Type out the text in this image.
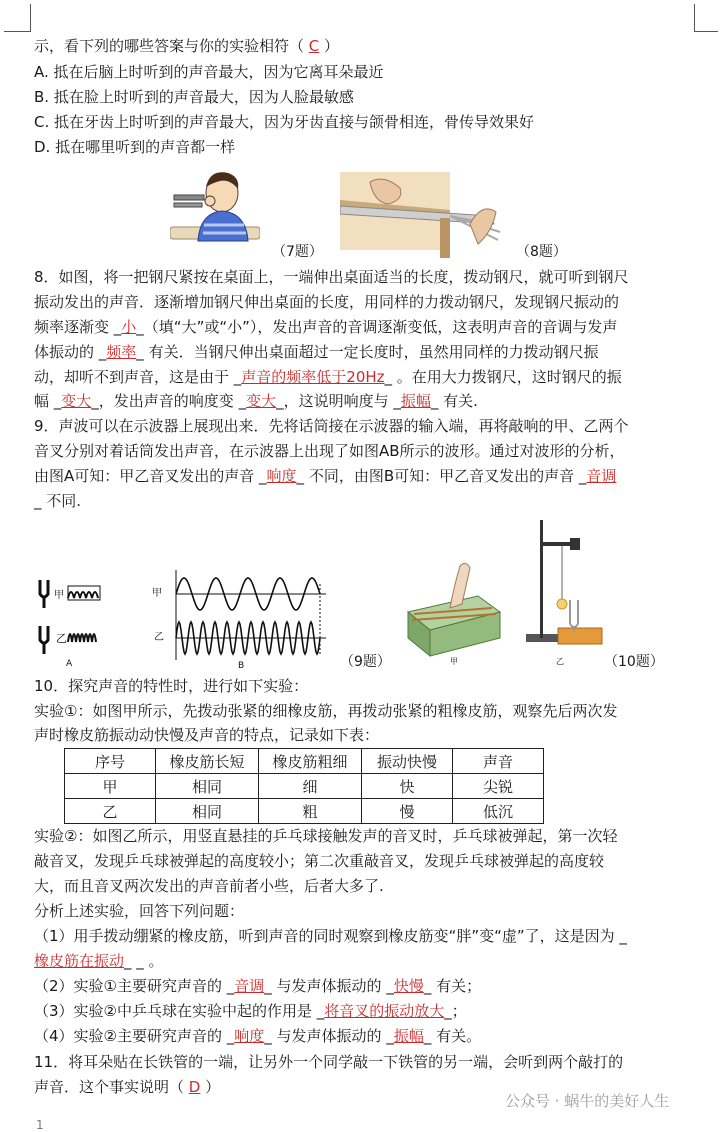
示，看下列的哪些答案与你的实验相符（ C ）
A. 抵在后脑上时听到的声音最大，因为它离耳朵最近
B. 抵在脸上时听到的声音最大，因为人脸最敏感
C. 抵在牙齿上时听到的声音最大，因为牙齿直接与颌骨相连，骨传导效果好
D. 抵在哪里听到的声音都一样
（7题）	（8题）
8．如图，将一把钢尺紧按在桌面上，一端伸出桌面适当的长度，拨动钢尺，就可听到钢尺
振动发出的声音．逐渐增加钢尺伸出桌面的长度，用同样的力拨动钢尺，发现钢尺振动的
频率逐渐变 _小_（填“大”或“小”），发出声音的音调逐渐变低，这表明声音的音调与发声
体振动的 _频率_ 有关．当钢尺伸出桌面超过一定长度时，虽然用同样的力拨动钢尺振
动，却听不到声音，这是由于 _声音的频率低于20Hz_ 。在用大力拨钢尺，这时钢尺的振
幅 _变大_，发出声音的响度变 _变大_，这说明响度与 _振幅_ 有关.
9．声波可以在示波器上展现出来．先将话筒接在示波器的输入端，再将敲响的甲、乙两个
音叉分别对着话筒发出声音，在示波器上出现了如图AB所示的波形。通过对波形的分析，
由图A可知：甲乙音叉发出的声音 _响度_ 不同，由图B可知：甲乙音叉发出的声音 _音调
_ 不同.
甲
乙
A
甲
乙
B	（9题）	甲	乙	（10题）
10．探究声音的特性时，进行如下实验：
实验①：如图甲所示，先拨动张紧的细橡皮筋，再拨动张紧的粗橡皮筋，观察先后两次发
声时橡皮筋振动动快慢及声音的特点，记录如下表：
序号	橡皮筋长短	橡皮筋粗细	振动快慢	声音
甲	相同	细	快	尖锐
乙	相同	粗	慢	低沉
实验②：如图乙所示，用竖直悬挂的乒乓球接触发声的音叉时，乒乓球被弹起，第一次轻
敲音叉，发现乒乓球被弹起的高度较小；第二次重敲音叉，发现乒乓球被弹起的高度较
大，而且音叉两次发出的声音前者小些，后者大多了.
分析上述实验，回答下列问题：
（1）用手拨动绷紧的橡皮筋，听到声音的同时观察到橡皮筋变“胖”变“虚”了，这是因为 _
橡皮筋在振动_ _ 。
（2）实验①主要研究声音的 _音调_ 与发声体振动的 _快慢_ 有关；
（3）实验②中乒乓球在实验中起的作用是 _将音叉的振动放大_；
（4）实验②主要研究声音的 _响度_ 与发声体振动的 _振幅_ 有关。
11．将耳朵贴在长铁管的一端，让另外一个同学敲一下铁管的另一端，会听到两个敲打的
声音．这个事实说明（ D ）
公众号 · 蜗牛的美好人生
1
